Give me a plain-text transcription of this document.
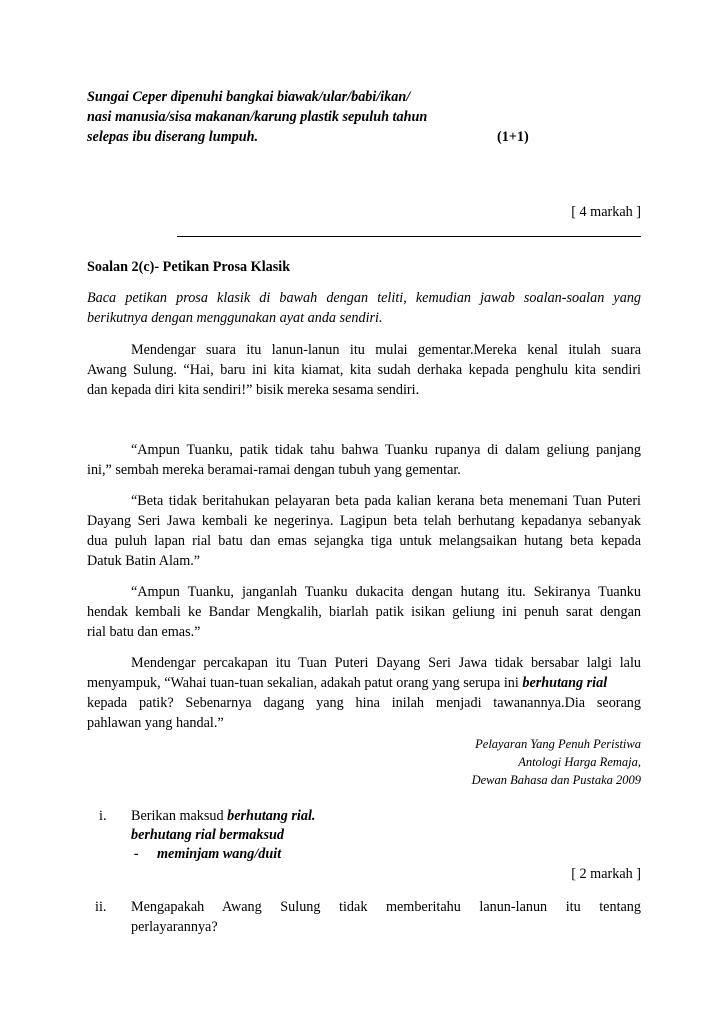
Sungai Ceper dipenuhi bangkai biawak/ular/babi/ikan/
nasi manusia/sisa makanan/karung plastik sepuluh tahun
selepas ibu diserang lumpuh.	(1+1)
[ 4 markah ]
Soalan 2(c)- Petikan Prosa Klasik
Baca petikan prosa klasik di bawah dengan teliti, kemudian jawab soalan-soalan yang
berikutnya dengan menggunakan ayat anda sendiri.
Mendengar suara itu lanun-lanun itu mulai gementar.Mereka kenal itulah suara
Awang Sulung. “Hai, baru ini kita kiamat, kita sudah derhaka kepada penghulu kita sendiri
dan kepada diri kita sendiri!” bisik mereka sesama sendiri.
“Ampun Tuanku, patik tidak tahu bahwa Tuanku rupanya di dalam geliung panjang
ini,” sembah mereka beramai-ramai dengan tubuh yang gementar.
“Beta tidak beritahukan pelayaran beta pada kalian kerana beta menemani Tuan Puteri
Dayang Seri Jawa kembali ke negerinya. Lagipun beta telah berhutang kepadanya sebanyak
dua puluh lapan rial batu dan emas sejangka tiga untuk melangsaikan hutang beta kepada
Datuk Batin Alam.”
“Ampun Tuanku, janganlah Tuanku dukacita dengan hutang itu. Sekiranya Tuanku
hendak kembali ke Bandar Mengkalih, biarlah patik isikan geliung ini penuh sarat dengan
rial batu dan emas.”
Mendengar percakapan itu Tuan Puteri Dayang Seri Jawa tidak bersabar lalgi lalu
menyampuk, “Wahai tuan-tuan sekalian, adakah patut orang yang serupa ini berhutang rial
kepada patik? Sebenarnya dagang yang hina inilah menjadi tawanannya.Dia seorang
pahlawan yang handal.”
Pelayaran Yang Penuh Peristiwa
Antologi Harga Remaja,
Dewan Bahasa dan Pustaka 2009
i. Berikan maksud berhutang rial.
berhutang rial bermaksud
- meminjam wang/duit
[ 2 markah ]
ii. Mengapakah Awang Sulung tidak memberitahu lanun-lanun itu tentang
perlayarannya?
